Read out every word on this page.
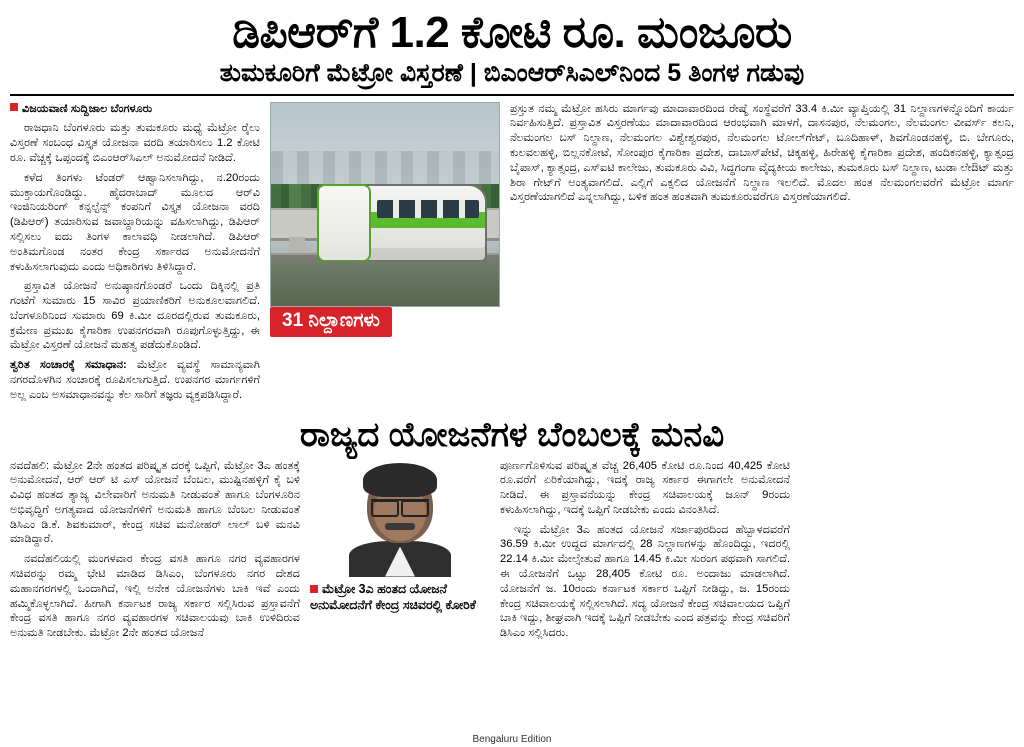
ಡಿಪಿಆರ್‌ಗೆ 1.2 ಕೋಟಿ ರೂ. ಮಂಜೂರು
ತುಮಕೂರಿಗೆ ಮೆಟ್ರೋ ವಿಸ್ತರಣೆ | ಬಿಎಂಆರ್‌ಸಿಎಲ್‌ನಿಂದ 5 ತಿಂಗಳ ಗಡುವು

ವಿಜಯವಾಣಿ ಸುದ್ದಿಜಾಲ ಬೆಂಗಳೂರು

ರಾಜಧಾನಿ ಬೆಂಗಳೂರು ಮತ್ತು ತುಮಕೂರು ಮಧ್ಯೆ ಮೆಟ್ರೋ ರೈಲು ವಿಸ್ತರಣೆ ಸಂಬಂಧ ವಿಸ್ತೃತ ಯೋಜನಾ ವರದಿ ತಯಾರಿಸಲು 1.2 ಕೋಟಿ ರೂ. ವೆಚ್ಚಕ್ಕೆ ಒಪ್ಪಂದಕ್ಕೆ ಬಿಎಂಆರ್‌ಸಿಎಲ್ ಅನುಮೋದನೆ ನೀಡಿದೆ.

ಕಳೆದ ತಿಂಗಳು ಟೆಂಡರ್ ಆಹ್ವಾನಿಸಲಾಗಿದ್ದು, ನ.20ರಂದು ಮುಕ್ತಾಯಗೊಂಡಿದ್ದು. ಹೈದರಾಬಾದ್ ಮೂಲದ ಆರ್‌ವಿ ಇಂಜಿನಿಯರಿಂಗ್ ಕನ್ಸಲ್ಟೆನ್ಸ್ ಕಂಪನಿಗೆ ವಿಸ್ತೃತ ಯೋಜನಾ ವರದಿ (ಡಿಪಿಆರ್) ತಯಾರಿಸುವ ಜವಾಬ್ದಾರಿಯನ್ನು ವಹಿಸಲಾಗಿದ್ದು, ಡಿಪಿಆರ್ ಸಲ್ಲಿಸಲು ಐದು ತಿಂಗಳ ಕಾಲಾವಧಿ ನೀಡಲಾಗಿದೆ. ಡಿಪಿಆರ್ ಅಂತಿಮಗೊಂಡ ನಂತರ ಕೇಂದ್ರ ಸರ್ಕಾರದ ಅನುಮೋದನೆಗೆ ಕಳುಹಿಸಲಾಗುವುದು ಎಂದು ಅಧಿಕಾರಿಗಳು ತಿಳಿಸಿದ್ದಾರೆ.

ಪ್ರಸ್ತಾವಿತ ಯೋಜನೆ ಅನುಷ್ಠಾನಗೊಂಡರೆ ಒಂದು ದಿಕ್ಕಿನಲ್ಲಿ ಪ್ರತಿ ಗಂಟೆಗೆ ಸುಮಾರು 15 ಸಾವಿರ ಪ್ರಯಾಣಿಕರಿಗೆ ಅನುಕೂಲವಾಗಲಿದೆ. ಬೆಂಗಳೂರಿನಿಂದ ಸುಮಾರು 69 ಕಿ.ಮೀ ದೂರದಲ್ಲಿರುವ ತುಮಕೂರು, ಕ್ರಮೇಣ ಪ್ರಮುಖ ಕೈಗಾರಿಕಾ ಉಪನಗರವಾಗಿ ರೂಪುಗೊಳ್ಳುತ್ತಿದ್ದು, ಈ ಮೆಟ್ರೋ ವಿಸ್ತರಣೆ ಯೋಜನೆ ಮಹತ್ವ ಪಡೆದುಕೊಂಡಿದೆ.

ತ್ವರಿತ ಸಂಚಾರಕ್ಕೆ ಸಮಾಧಾನ: ಮೆಟ್ರೋ ವ್ಯವಸ್ಥೆ ಸಾಮಾನ್ಯವಾಗಿ ನಗರದೊಳಗಿನ ಸಂಚಾರಕ್ಕೆ ರೂಪಿಸಲಾಗುತ್ತಿದೆ. ಉಪನಗರ ಮಾರ್ಗಗಳಿಗೆ ಅಲ್ಲ ಎಂಬ ಅಸಮಾಧಾನವನ್ನು ಕೆಲ ಸಾರಿಗೆ ತಜ್ಞರು ವ್ಯಕ್ತಪಡಿಸಿದ್ದಾರೆ.

31 ನಿಲ್ದಾಣಗಳು

ಪ್ರಸ್ತುತ ನಮ್ಮ ಮೆಟ್ರೋ ಹಸಿರು ಮಾರ್ಗವು ಮಾದಾವಾರದಿಂದ ರೇಷ್ಮೆ ಸಂಸ್ಥೆವರೆಗೆ 33.4 ಕಿ.ಮೀ ವ್ಯಾಪ್ತಿಯಲ್ಲಿ 31 ನಿಲ್ದಾಣಗಳನ್ನೊಂದಿಗೆ ಕಾರ್ಯ ನಿರ್ವಹಿಸುತ್ತಿದೆ. ಪ್ರಸ್ತಾವಿತ ವಿಸ್ತರಣೆಯು ಮಾದಾವಾರದಿಂದ ಆರಂಭವಾಗಿ ಮಾಳಗೆ, ದಾಸನಪುರ, ನೆಲಮಂಗಲ, ನೆಲಮಂಗಲ ವೀವರ್ಸ್ ಕಲನಿ, ನೆಲಮಂಗಲ ಬಸ್ ನಿಲ್ದಾಣ, ನೆಲಮಂಗಲ ವಿಶ್ವೇಶ್ವರಪುರ, ನೆಲಮಂಗಲ ಟೋಲ್‌ಗೇಟ್, ಬೂದಿಹಾಳ್, ಶಿವಗೊಂಡನಹಳ್ಳಿ, ಬಿ. ಬೇಗೂರು, ಕುಲವಲಹಳ್ಳಿ, ಬಿಲ್ಲನಕೋಟೆ, ಸೋಂಪುರ ಕೈಗಾರಿಕಾ ಪ್ರದೇಶ, ದಾಬಾಸ್‌ಪೇಟೆ, ಚಿಕ್ಕಹಳ್ಳಿ, ಹಿರೇಹಳ್ಳಿ ಕೈಗಾರಿಕಾ ಪ್ರದೇಶ, ಹಂದಿಕನಹಳ್ಳಿ, ಕ್ಯಾತ್ಸಂದ್ರ ಬೈಪಾಸ್, ಕ್ಯಾತ್ಸಂದ್ರ, ಎಸ್‌ಐಟಿ ಕಾಲೇಜು, ತುಮಕೂರು ವಿವಿ, ಸಿದ್ಧಗಂಗಾ ವೈದ್ಯಕೀಯ ಕಾಲೇಜು, ತುಮಕೂರು ಬಸ್ ನಿಲ್ದಾಣ, ಟುಡಾ ಲೇಔಟ್ ಮತ್ತು ಶಿರಾ ಗೇಟ್‌ಗೆ ಅಂತ್ಯವಾಗಲಿದೆ. ಎಲ್ಲಿಗೆ ಎಕ್ಸಲಿದ ಯೋಜನೆಗೆ ನಿಲ್ದಾಣ ಇಲಲಿದೆ. ಮೊದಲ ಹಂತ ನೆಲಮಂಗಲವರೆಗೆ ಮೆಟ್ರೋ ಮಾರ್ಗ ವಿಸ್ತರಣೆಯಾಗಲಿದೆ ಎನ್ನಲಾಗಿದ್ದು, ಬಳಿಕ ಹಂತ ಹಂತವಾಗಿ ತುಮಕೂರುವರೆಗೂ ವಿಸ್ತರಣೆಯಾಗಲಿದೆ.

ರಾಜ್ಯದ ಯೋಜನೆಗಳ ಬೆಂಬಲಕ್ಕೆ ಮನವಿ

ನವದೆಹಲಿ: ಮೆಟ್ರೋ 2ನೇ ಹಂತದ ಪರಿಷ್ಕೃತ ದರಕ್ಕೆ ಒಪ್ಪಿಗೆ, ಮೆಟ್ರೋ 3ಎ ಹಂತಕ್ಕೆ ಅನುಮೋದನೆ, ಆರ್ ಆರ್ ಟಿ ಎಸ್ ಯೋಜನೆ ಬೆಂಬಲ, ಮುಷ್ಟಿನಹಳ್ಳಿಗೆ ಕೈ ಬಳಿ ವಿವಿಧ ಹಂತದ ತ್ಯಾಜ್ಯ ವಿಲೇವಾರಿಗೆ ಅನುಮತಿ ನೀಡುವಂತೆ ಹಾಗೂ ಬೆಂಗಳೂರಿನ ಅಭಿವೃದ್ಧಿಗೆ ಅಗತ್ಯವಾದ ಯೋಜನೆಗಳಿಗೆ ಅನುಮತಿ ಹಾಗೂ ಬೆಂಬಲ ನೀಡುವಂತೆ ಡಿಸಿಎಂ ಡಿ.ಕೆ. ಶಿವಕುಮಾರ್, ಕೇಂದ್ರ ಸಚಿವ ಮನೋಹರ್ ಲಾಲ್ ಬಳಿ ಮನವಿ ಮಾಡಿದ್ದಾರೆ.

ನವದೆಹಲಿಯಲ್ಲಿ ಮಂಗಳವಾರ ಕೇಂದ್ರ ವಸತಿ ಹಾಗೂ ನಗರ ವ್ಯವಹಾರಗಳ ಸಚಿವರನ್ನು ರಮ್ಮ ಭೇಟಿ ಮಾಡಿದ ಡಿಸಿಎಂ, ಬೆಂಗಳೂರು ನಗರ ದೇಶದ ಮಹಾನಗರಗಳಲ್ಲಿ ಒಂದಾಗಿದೆ, ಇಲ್ಲಿ ಅನೇಕ ಯೋಜನೆಗಳು ಬಾಕಿ ಇವೆ ಎಂದು ಹಮ್ಮಿಕೊಳ್ಳಲಾಗಿದೆ. ಹೀಗಾಗಿ ಕರ್ನಾಟಕ ರಾಜ್ಯ ಸರ್ಕಾರ ಸಲ್ಲಿಸಿರುವ ಪ್ರಸ್ತಾವನೆಗೆ ಕೇಂದ್ರ ವಸತಿ ಹಾಗೂ ನಗರ ವ್ಯವಹಾರಗಳ ಸಚಿವಾಲಯವು ಬಾಕಿ ಉಳಿದಿರುವ ಅನುಮತಿ ನೀಡಬೇಕು. ಮೆಟ್ರೋ 2ನೇ ಹಂತದ ಯೋಜನೆ

ಮೆಟ್ರೋ 3ಎ ಹಂತದ ಯೋಜನೆ ಅನುಮೋದನೆಗೆ ಕೇಂದ್ರ ಸಚಿವರಲ್ಲಿ ಕೋರಿಕೆ

ಪೂರ್ಣಗೊಳಿಸುವ ಪರಿಷ್ಕೃತ ವೆಚ್ಚ 26,405 ಕೋಟಿ ರೂ.ನಿಂದ 40,425 ಕೋಟಿ ರೂ.ವರೆಗೆ ಏರಿಕೆಯಾಗಿದ್ದು, ಇದಕ್ಕೆ ರಾಜ್ಯ ಸರ್ಕಾರ ಈಗಾಗಲೇ ಅನುಮೋದನೆ ನೀಡಿದೆ. ಈ ಪ್ರಸ್ತಾವನೆಯನ್ನು ಕೇಂದ್ರ ಸಚಿವಾಲಯಕ್ಕೆ ಜೂನ್ 9ರಂದು ಕಳುಹಿಸಲಾಗಿದ್ದು, ಇದಕ್ಕೆ ಒಪ್ಪಿಗೆ ನೀಡಬೇಕು ಎಂದು ವಿನಂತಿಸಿದೆ.

ಇನ್ನು ಮೆಟ್ರೋ 3ಎ ಹಂತದ ಯೋಜನೆ ಸರ್ಜಾಪುರದಿಂದ ಹೆಬ್ಬಾಳದವರೆಗೆ 36.59 ಕಿ.ಮೀ ಉದ್ದದ ಮಾರ್ಗದಲ್ಲಿ 28 ನಿಲ್ದಾಣಗಳನ್ನು ಹೊಂದಿದ್ದು, ಇದರಲ್ಲಿ 22.14 ಕಿ.ಮೀ ಮೇಲ್ಸೇತುವೆ ಹಾಗೂ 14.45 ಕಿ.ಮೀ ಸುರಂಗ ಪಥವಾಗಿ ಸಾಗಲಿದೆ. ಈ ಯೋಜನೆಗೆ ಒಟ್ಟು 28,405 ಕೋಟಿ ರೂ. ಅಂದಾಜು ಮಾಡಲಾಗಿದೆ. ಯೋಜನೆಗೆ ಜ. 10ರಂದು ಕರ್ನಾಟಕ ಸರ್ಕಾರ ಒಪ್ಪಿಗೆ ನೀಡಿದ್ದು, ಜ. 15ರಂದು ಕೇಂದ್ರ ಸಚಿವಾಲಯಕ್ಕೆ ಸಲ್ಲಿಸಲಾಗಿದೆ. ಸದ್ಯ ಯೋಜನೆ ಕೇಂದ್ರ ಸಚಿವಾಲಯದ ಒಪ್ಪಿಗೆ ಬಾಕಿ ಇದ್ದು, ಶೀಘ್ರವಾಗಿ ಇದಕ್ಕೆ ಒಪ್ಪಿಗೆ ನೀಡಬೇಕು ಎಂದ ಪತ್ರವನ್ನು ಕೇಂದ್ರ ಸಚಿವರಿಗೆ ಡಿಸಿಎಂ ಸಲ್ಲಿಸಿದರು.

Bengaluru Edition
